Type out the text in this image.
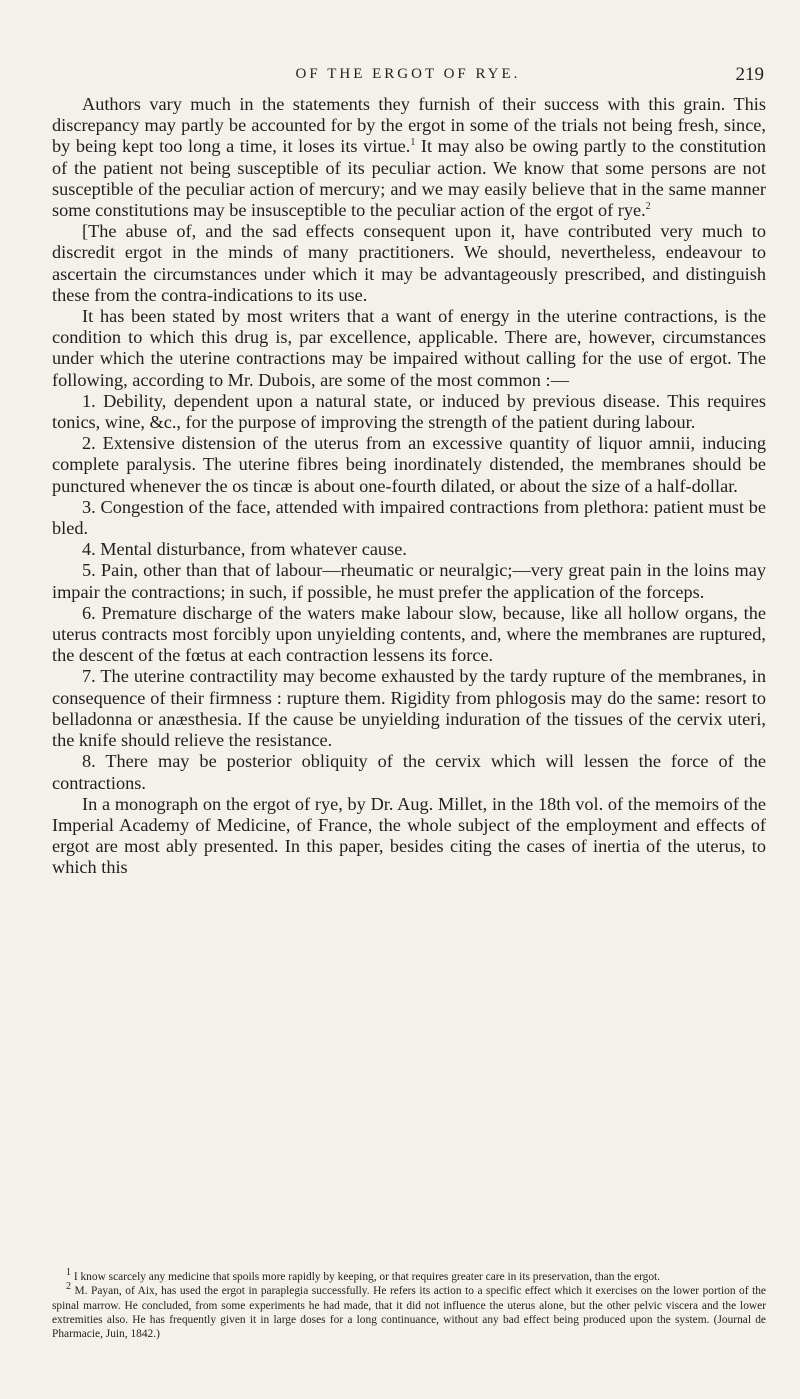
OF THE ERGOT OF RYE.	219

Authors vary much in the statements they furnish of their success with this grain. This discrepancy may partly be accounted for by the ergot in some of the trials not being fresh, since, by being kept too long a time, it loses its virtue.$^1$ It may also be owing partly to the constitution of the patient not being susceptible of its peculiar action. We know that some persons are not susceptible of the peculiar action of mercury; and we may easily believe that in the same manner some constitutions may be insusceptible to the peculiar action of the ergot of rye.$^2$

[The abuse of, and the sad effects consequent upon it, have contributed very much to discredit ergot in the minds of many practitioners. We should, nevertheless, endeavour to ascertain the circumstances under which it may be advantageously prescribed, and distinguish these from the contra-indications to its use.

It has been stated by most writers that a want of energy in the uterine contractions, is the condition to which this drug is, par excellence, applicable. There are, however, circumstances under which the uterine contractions may be impaired without calling for the use of ergot. The following, according to Mr. Dubois, are some of the most common :—

1. Debility, dependent upon a natural state, or induced by previous disease. This requires tonics, wine, &c., for the purpose of improving the strength of the patient during labour.

2. Extensive distension of the uterus from an excessive quantity of liquor amnii, inducing complete paralysis. The uterine fibres being inordinately distended, the membranes should be punctured whenever the os tincæ is about one-fourth dilated, or about the size of a half-dollar.

3. Congestion of the face, attended with impaired contractions from plethora: patient must be bled.

4. Mental disturbance, from whatever cause.

5. Pain, other than that of labour—rheumatic or neuralgic;—very great pain in the loins may impair the contractions; in such, if possible, he must prefer the application of the forceps.

6. Premature discharge of the waters make labour slow, because, like all hollow organs, the uterus contracts most forcibly upon unyielding contents, and, where the membranes are ruptured, the descent of the fœtus at each contraction lessens its force.

7. The uterine contractility may become exhausted by the tardy rupture of the membranes, in consequence of their firmness : rupture them. Rigidity from phlogosis may do the same: resort to belladonna or anæsthesia. If the cause be unyielding induration of the tissues of the cervix uteri, the knife should relieve the resistance.

8. There may be posterior obliquity of the cervix which will lessen the force of the contractions.

In a monograph on the ergot of rye, by Dr. Aug. Millet, in the 18th vol. of the memoirs of the Imperial Academy of Medicine, of France, the whole subject of the employment and effects of ergot are most ably presented. In this paper, besides citing the cases of inertia of the uterus, to which this

$^1$ I know scarcely any medicine that spoils more rapidly by keeping, or that requires greater care in its preservation, than the ergot.

$^2$ M. Payan, of Aix, has used the ergot in paraplegia successfully. He refers its action to a specific effect which it exercises on the lower portion of the spinal marrow. He concluded, from some experiments he had made, that it did not influence the uterus alone, but the other pelvic viscera and the lower extremities also. He has frequently given it in large doses for a long continuance, without any bad effect being produced upon the system. (Journal de Pharmacie, Juin, 1842.)
